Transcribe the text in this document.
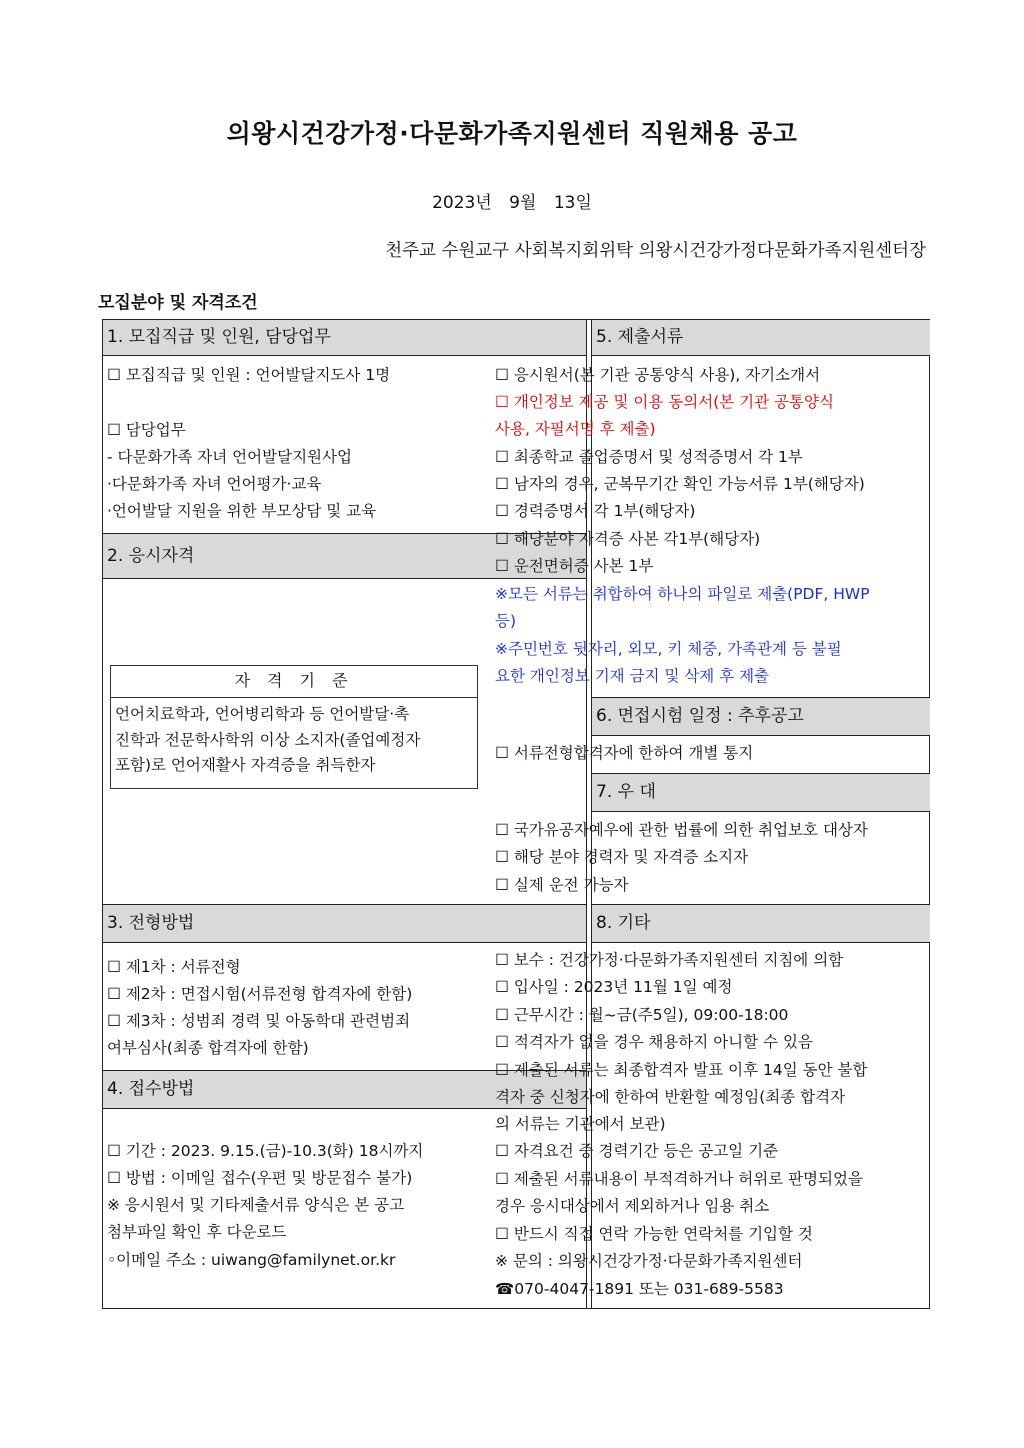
의왕시건강가정·다문화가족지원센터 직원채용 공고
2023년 9월 13일
천주교 수원교구 사회복지회위탁 의왕시건강가정다문화가족지원센터장
모집분야 및 자격조건
1. 모집직급 및 인원, 담당업무
☐ 모집직급 및 인원 : 언어발달지도사 1명
☐ 담당업무
- 다문화가족 자녀 언어발달지원사업
·다문화가족 자녀 언어평가·교육
·언어발달 지원을 위한 부모상담 및 교육
2. 응시자격
자 격 기 준
언어치료학과, 언어병리학과 등 언어발달·촉
진학과 전문학사학위 이상 소지자(졸업예정자
포함)로 언어재활사 자격증을 취득한자
3. 전형방법
☐ 제1차 : 서류전형
☐ 제2차 : 면접시험(서류전형 합격자에 한함)
☐ 제3차 : 성범죄 경력 및 아동학대 관련범죄
여부심사(최종 합격자에 한함)
4. 접수방법
☐ 기간 : 2023. 9.15.(금)-10.3(화) 18시까지
☐ 방법 : 이메일 접수(우편 및 방문접수 불가)
※ 응시원서 및 기타제출서류 양식은 본 공고
첨부파일 확인 후 다운로드
◦이메일 주소 : uiwang@familynet.or.kr
5. 제출서류
☐ 응시원서(본 기관 공통양식 사용), 자기소개서
☐ 개인정보 제공 및 이용 동의서(본 기관 공통양식
사용, 자필서명 후 제출)
☐ 최종학교 졸업증명서 및 성적증명서 각 1부
☐ 남자의 경우, 군복무기간 확인 가능서류 1부(해당자)
☐ 경력증명서 각 1부(해당자)
☐ 해당분야 자격증 사본 각1부(해당자)
☐ 운전면허증 사본 1부
※모든 서류는 취합하여 하나의 파일로 제출(PDF, HWP
등)
※주민번호 뒷자리, 외모, 키 체중, 가족관계 등 불필
요한 개인정보 기재 금지 및 삭제 후 제출
6. 면접시험 일정 : 추후공고
☐ 서류전형합격자에 한하여 개별 통지
7. 우 대
☐ 국가유공자예우에 관한 법률에 의한 취업보호 대상자
☐ 해당 분야 경력자 및 자격증 소지자
☐ 실제 운전 가능자
8. 기타
☐ 보수 : 건강가정·다문화가족지원센터 지침에 의함
☐ 입사일 : 2023년 11월 1일 예정
☐ 근무시간 : 월~금(주5일), 09:00-18:00
☐ 적격자가 없을 경우 채용하지 아니할 수 있음
☐ 제출된 서류는 최종합격자 발표 이후 14일 동안 불합
격자 중 신청자에 한하여 반환할 예정임(최종 합격자
의 서류는 기관에서 보관)
☐ 자격요건 중 경력기간 등은 공고일 기준
☐ 제출된 서류내용이 부적격하거나 허위로 판명되었을
경우 응시대상에서 제외하거나 임용 취소
☐ 반드시 직접 연락 가능한 연락처를 기입할 것
※ 문의 : 의왕시건강가정·다문화가족지원센터
☎070-4047-1891 또는 031-689-5583
